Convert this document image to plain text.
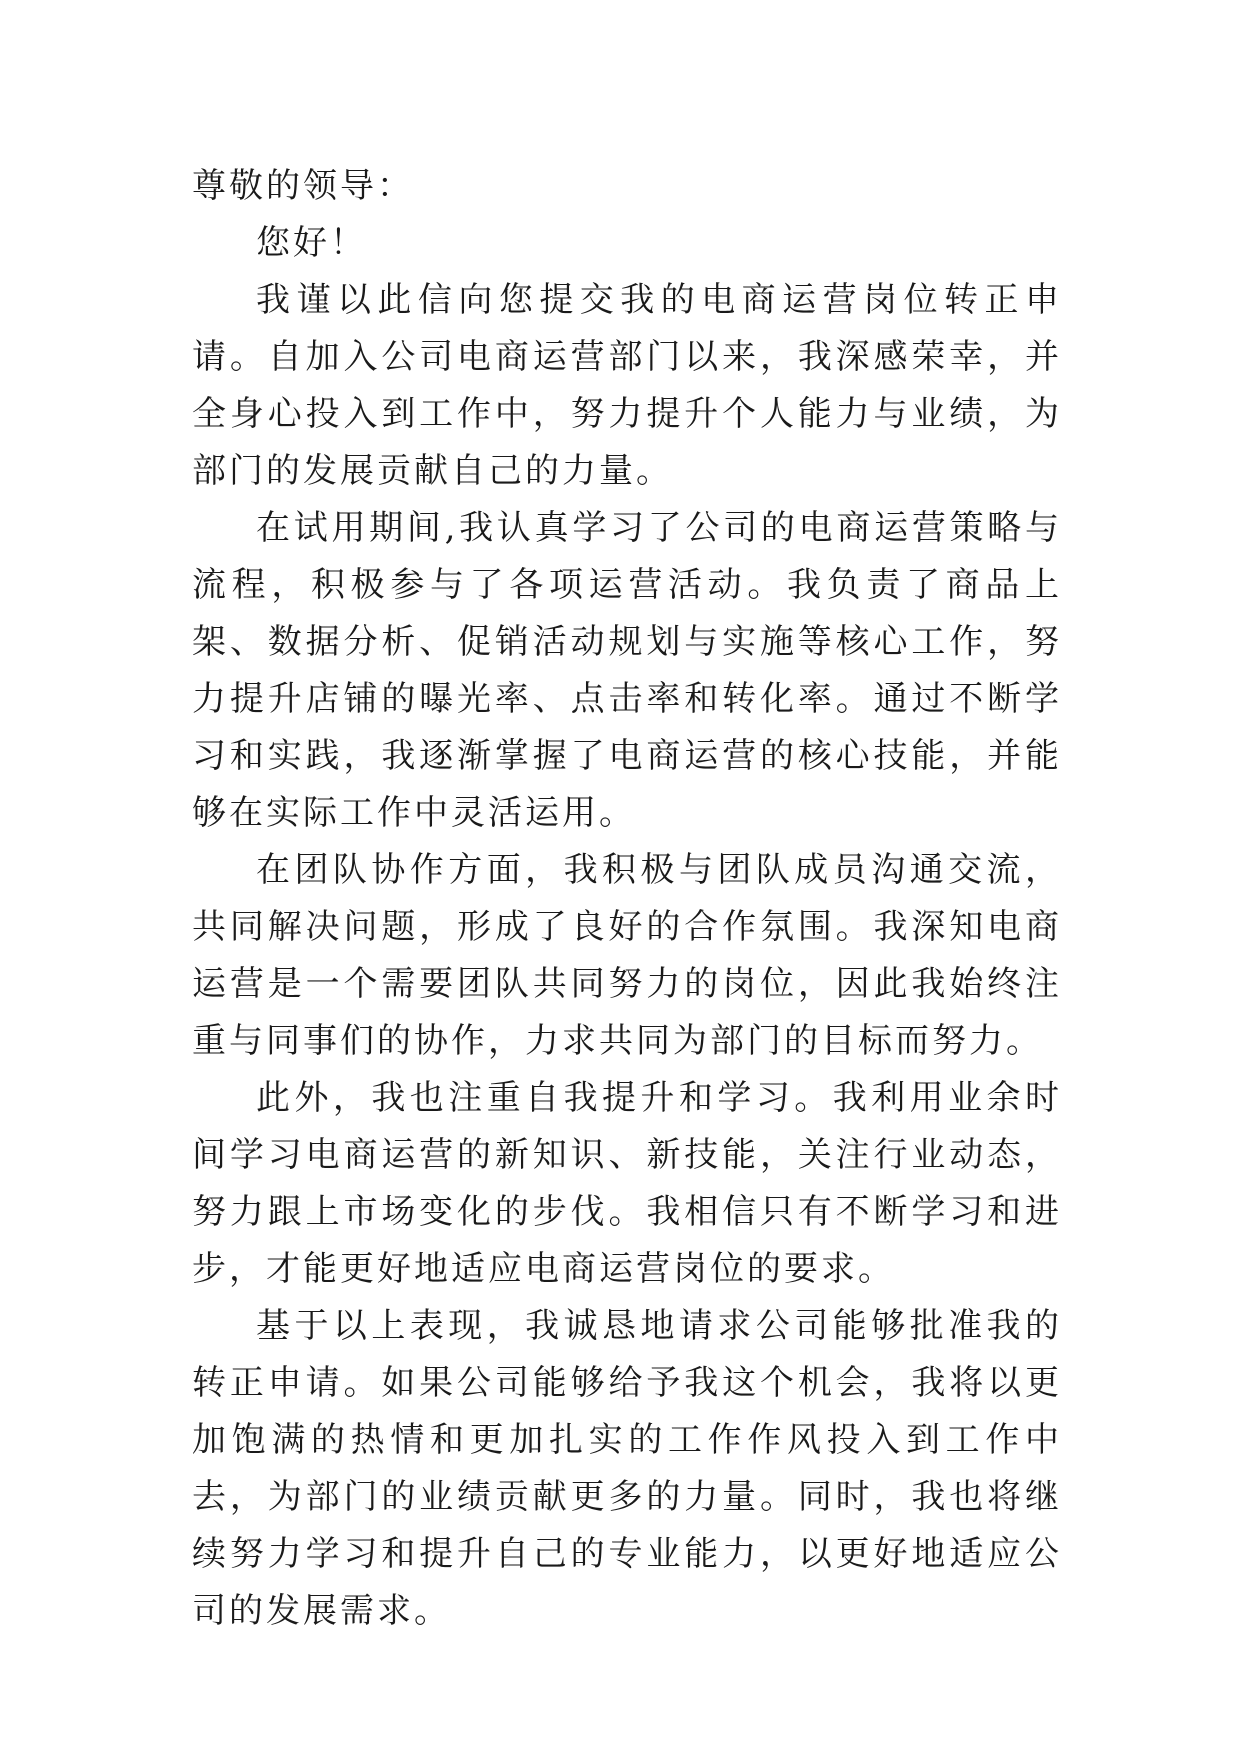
尊敬的领导：

您好！

我谨以此信向您提交我的电商运营岗位转正申请。自加入公司电商运营部门以来，我深感荣幸，并全身心投入到工作中，努力提升个人能力与业绩，为部门的发展贡献自己的力量。

在试用期间,我认真学习了公司的电商运营策略与流程，积极参与了各项运营活动。我负责了商品上架、数据分析、促销活动规划与实施等核心工作，努力提升店铺的曝光率、点击率和转化率。通过不断学习和实践，我逐渐掌握了电商运营的核心技能，并能够在实际工作中灵活运用。

在团队协作方面，我积极与团队成员沟通交流，共同解决问题，形成了良好的合作氛围。我深知电商运营是一个需要团队共同努力的岗位，因此我始终注重与同事们的协作，力求共同为部门的目标而努力。

此外，我也注重自我提升和学习。我利用业余时间学习电商运营的新知识、新技能，关注行业动态，努力跟上市场变化的步伐。我相信只有不断学习和进步，才能更好地适应电商运营岗位的要求。

基于以上表现，我诚恳地请求公司能够批准我的转正申请。如果公司能够给予我这个机会，我将以更加饱满的热情和更加扎实的工作作风投入到工作中去，为部门的业绩贡献更多的力量。同时，我也将继续努力学习和提升自己的专业能力，以更好地适应公司的发展需求。
